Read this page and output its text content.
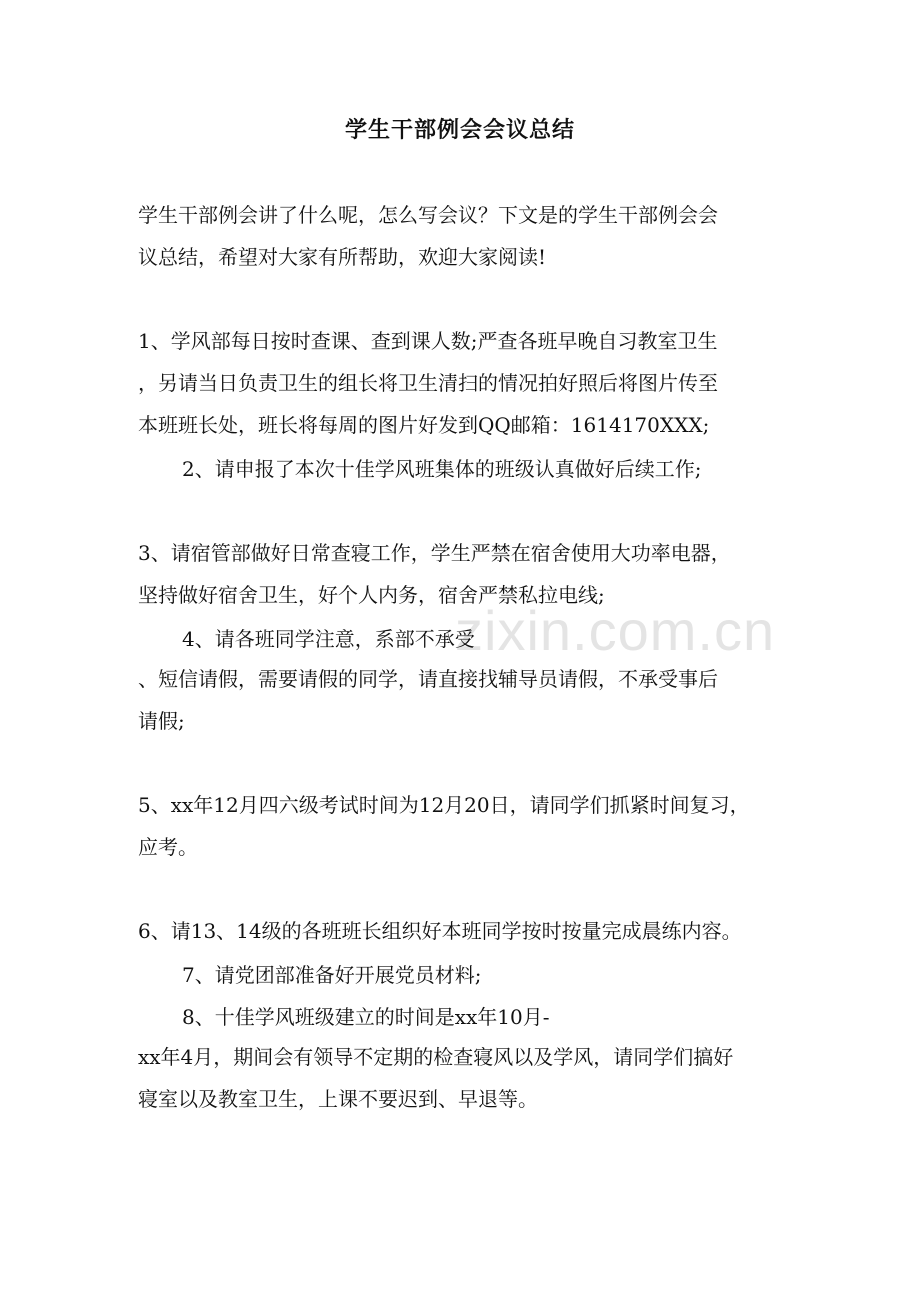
zixin.com.cn
学生干部例会会议总结
学生干部例会讲了什么呢，怎么写会议？下文是的学生干部例会会
议总结，希望对大家有所帮助，欢迎大家阅读!
1、学风部每日按时查课、查到课人数;严查各班早晚自习教室卫生
，另请当日负责卫生的组长将卫生清扫的情况拍好照后将图片传至
本班班长处，班长将每周的图片好发到QQ邮箱：1614170XXX;
2、请申报了本次十佳学风班集体的班级认真做好后续工作;
3、请宿管部做好日常查寝工作，学生严禁在宿舍使用大功率电器，
坚持做好宿舍卫生，好个人内务，宿舍严禁私拉电线;
4、请各班同学注意，系部不承受
、短信请假，需要请假的同学，请直接找辅导员请假，不承受事后
请假;
5、xx年12月四六级考试时间为12月20日，请同学们抓紧时间复习，
应考。
6、请13、14级的各班班长组织好本班同学按时按量完成晨练内容。
7、请党团部准备好开展党员材料;
8、十佳学风班级建立的时间是xx年10月-
xx年4月，期间会有领导不定期的检查寝风以及学风，请同学们搞好
寝室以及教室卫生，上课不要迟到、早退等。
